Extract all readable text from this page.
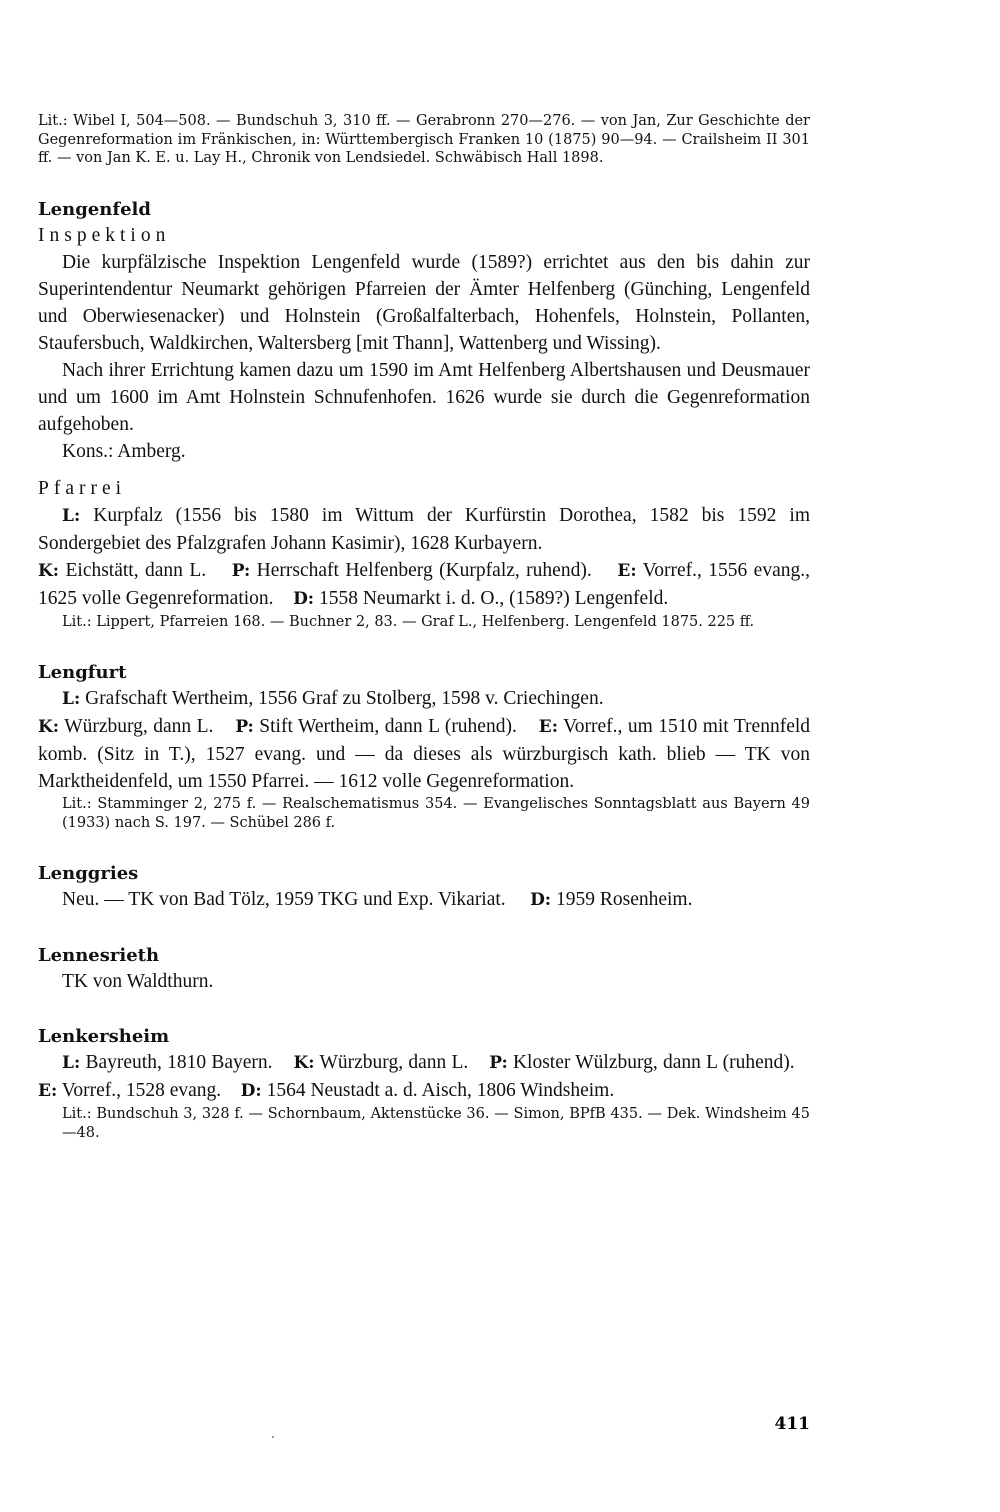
Lit.: Wibel I, 504—508. — Bundschuh 3, 310 ff. — Gerabronn 270—276. — von Jan, Zur Geschichte der Gegenreformation im Fränkischen, in: Württembergisch Franken 10 (1875) 90—94. — Crailsheim II 301 ff. — von Jan K. E. u. Lay H., Chronik von Lendsiedel. Schwäbisch Hall 1898.

Lengenfeld

Inspektion

Die kurpfälzische Inspektion Lengenfeld wurde (1589?) errichtet aus den bis dahin zur Superintendentur Neumarkt gehörigen Pfarreien der Ämter Helfenberg (Günching, Lengenfeld und Oberwiesenacker) und Holnstein (Großalfalterbach, Hohenfels, Holnstein, Pollanten, Staufersbuch, Waldkirchen, Waltersberg [mit Thann], Wattenberg und Wissing).

Nach ihrer Errichtung kamen dazu um 1590 im Amt Helfenberg Albertshausen und Deusmauer und um 1600 im Amt Holnstein Schnufenhofen. 1626 wurde sie durch die Gegenreformation aufgehoben.

Kons.: Amberg.

Pfarrei

L: Kurpfalz (1556 bis 1580 im Wittum der Kurfürstin Dorothea, 1582 bis 1592 im Sondergebiet des Pfalzgrafen Johann Kasimir), 1628 Kurbayern.
K: Eichstätt, dann L. P: Herrschaft Helfenberg (Kurpfalz, ruhend). E: Vorref., 1556 evang., 1625 volle Gegenreformation. D: 1558 Neumarkt i. d. O., (1589?) Lengenfeld.

Lit.: Lippert, Pfarreien 168. — Buchner 2, 83. — Graf L., Helfenberg. Lengenfeld 1875. 225 ff.

Lengfurt

L: Grafschaft Wertheim, 1556 Graf zu Stolberg, 1598 v. Criechingen.
K: Würzburg, dann L. P: Stift Wertheim, dann L (ruhend). E: Vorref., um 1510 mit Trennfeld komb. (Sitz in T.), 1527 evang. und — da dieses als würzburgisch kath. blieb — TK von Marktheidenfeld, um 1550 Pfarrei. — 1612 volle Gegenreformation.

Lit.: Stamminger 2, 275 f. — Realschematismus 354. — Evangelisches Sonntagsblatt aus Bayern 49 (1933) nach S. 197. — Schübel 286 f.

Lenggries

Neu. — TK von Bad Tölz, 1959 TKG und Exp. Vikariat. D: 1959 Rosenheim.

Lennesrieth

TK von Waldthurn.

Lenkersheim

L: Bayreuth, 1810 Bayern. K: Würzburg, dann L. P: Kloster Wülzburg, dann L (ruhend).    E: Vorref., 1528 evang. D: 1564 Neustadt a. d. Aisch, 1806 Windsheim.

Lit.: Bundschuh 3, 328 f. — Schornbaum, Aktenstücke 36. — Simon, BPfB 435. — Dek. Windsheim 45—48.

411
